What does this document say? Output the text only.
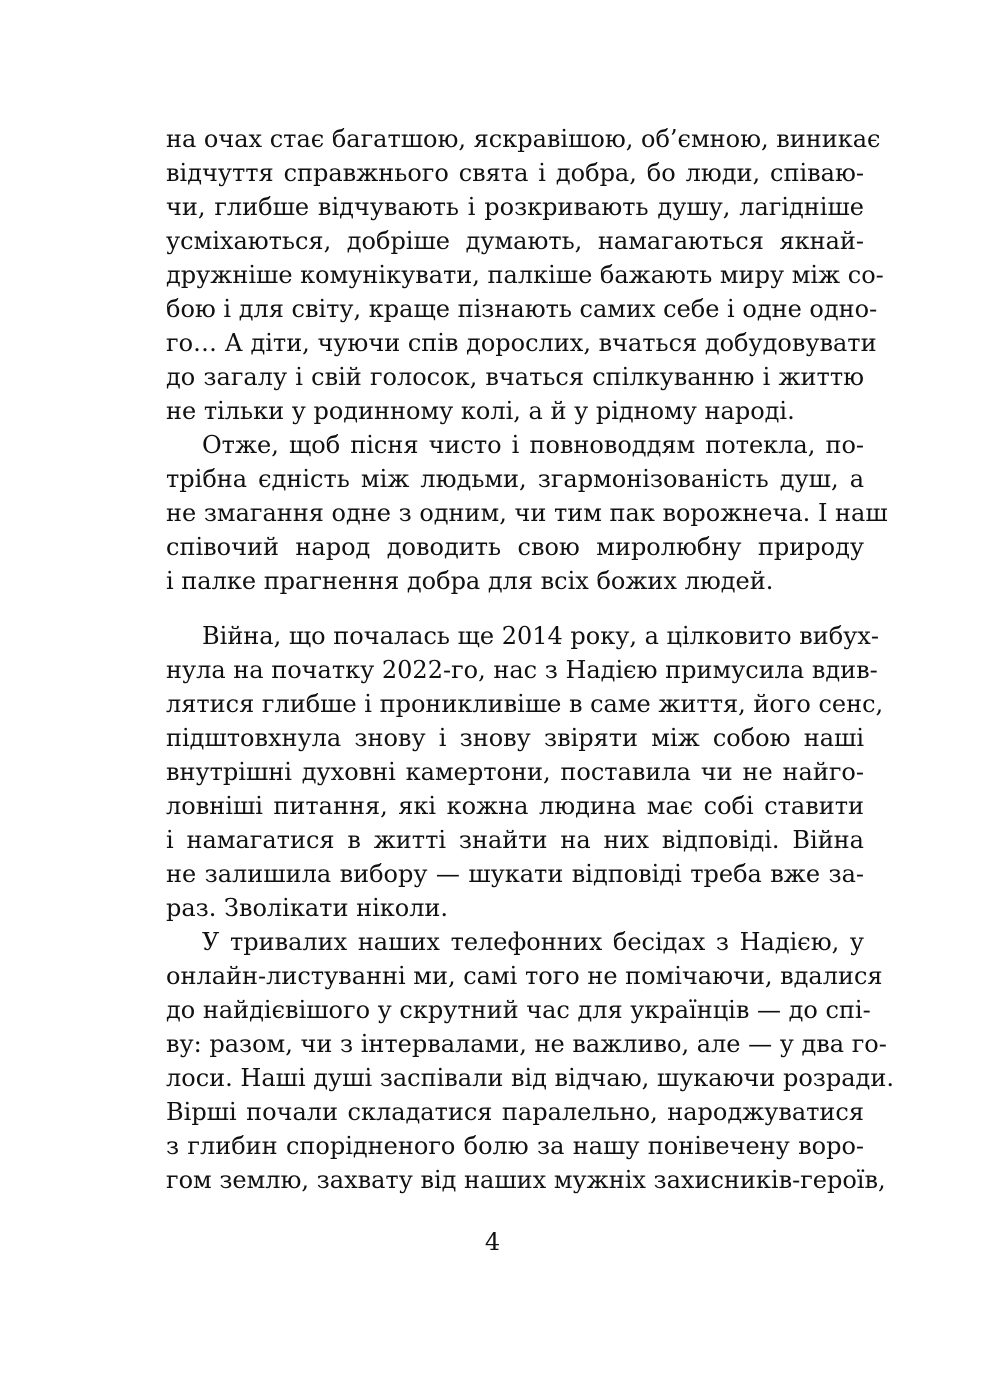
на очах стає багатшою, яскравішою, об’ємною, виникає
відчуття справжнього свята і добра, бо люди, співаю-
чи, глибше відчувають і розкривають душу, лагідніше
усміхаються, добріше думають, намагаються якнай-
дружніше комунікувати, палкіше бажають миру між со-
бою і для світу, краще пізнають самих себе і одне одно-
го… А діти, чуючи спів дорослих, вчаться добудовувати
до загалу і свій голосок, вчаться спілкуванню і життю
не тільки у родинному колі, а й у рідному народі.

Отже, щоб пісня чисто і повноводдям потекла, по-
трібна єдність між людьми, згармонізованість душ, а
не змагання одне з одним, чи тим пак ворожнеча. І наш
співочий народ доводить свою миролюбну природу
і палке прагнення добра для всіх божих людей.

Війна, що почалась ще 2014 року, а цілковито вибух-
нула на початку 2022-го, нас з Надією примусила вдив-
лятися глибше і проникливіше в саме життя, його сенс,
підштовхнула знову і знову звіряти між собою наші
внутрішні духовні камертони, поставила чи не найго-
ловніші питання, які кожна людина має собі ставити
і намагатися в житті знайти на них відповіді. Війна
не залишила вибору — шукати відповіді треба вже за-
раз. Зволікати ніколи.

У тривалих наших телефонних бесідах з Надією, у
онлайн-листуванні ми, самі того не помічаючи, вдалися
до найдієвішого у скрутний час для українців — до спі-
ву: разом, чи з інтервалами, не важливо, але — у два го-
лоси. Наші душі заспівали від відчаю, шукаючи розради.
Вірші почали складатися паралельно, народжуватися
з глибин спорідненого болю за нашу понівечену воро-
гом землю, захвату від наших мужніх захисників-героїв,

4
